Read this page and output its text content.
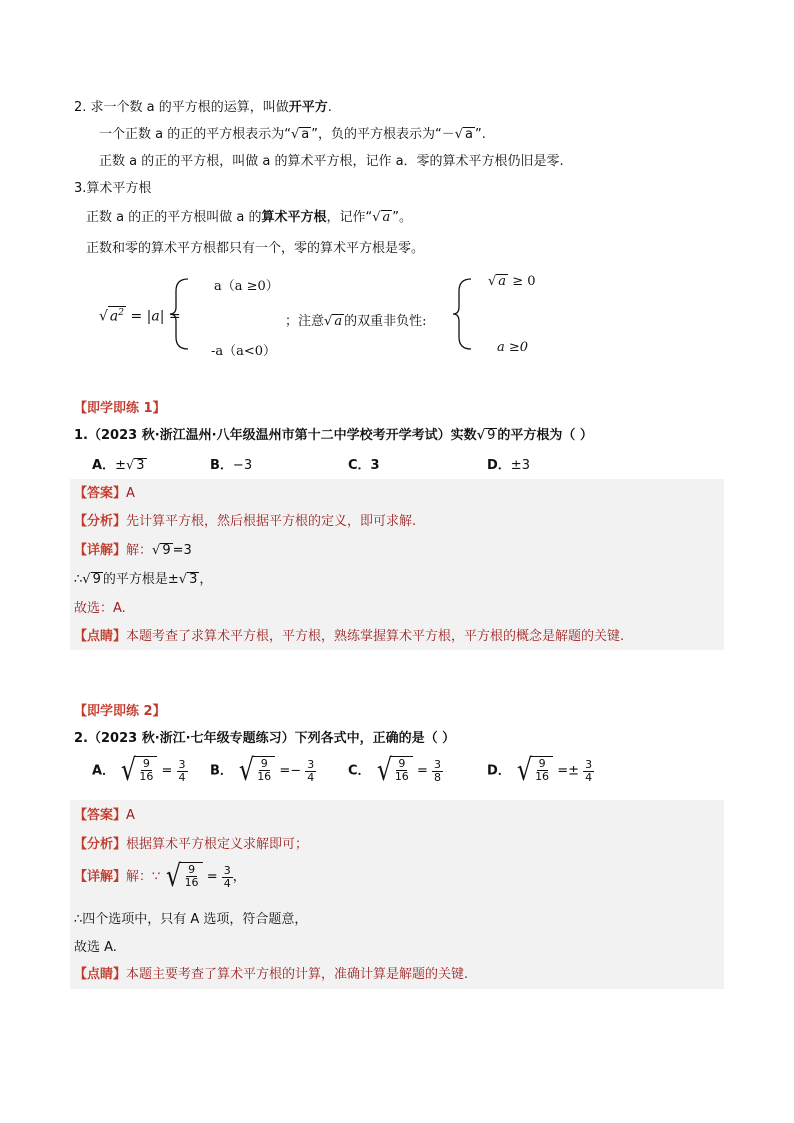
2. 求一个数 a 的平方根的运算，叫做开平方.
一个正数 a 的正的平方根表示为“√ a ”，负的平方根表示为“－√ a ”.
正数 a 的正的平方根，叫做 a 的算术平方根，记作 a．零的算术平方根仍旧是零.
3.算术平方根
正数 a 的正的平方根叫做 a 的算术平方根，记作“√ a ”。
正数和零的算术平方根都只有一个，零的算术平方根是零。
√ $a^2 = |a|$ =
a（a ≥0）
-a（a<0）
；注意√ a 的双重非负性:
√ a ≥ 0
a ≥0
【即学即练 1】
1.（2023 秋·浙江温州·八年级温州市第十二中学校考开学考试）实数√ 9 的平方根为（ ）
A．±√ 3	B．−3	C．3	D．±3
【答案】A
【分析】先计算平方根，然后根据平方根的定义，即可求解.
【详解】解：√ 9 =3
∴√ 9 的平方根是±√ 3 ，
故选：A.
【点睛】本题考查了求算术平方根，平方根，熟练掌握算术平方根，平方根的概念是解题的关键.
【即学即练 2】
2.（2023 秋·浙江·七年级专题练习）下列各式中，正确的是（ ）
A． √ $\frac{9}{16} = \frac{3}{4}$ B． √ $\frac{9}{16} =- \frac{3}{4}$ C． √ $\frac{9}{16} = \frac{3}{8}$	D． √ $\frac{9}{16} =\pm \frac{3}{4}$
【答案】A
【分析】根据算术平方根定义求解即可；
【详解】解：∵ √ $\frac{9}{16} = \frac{3}{4}$ ，
∴四个选项中，只有 A 选项，符合题意，
故选 A.
【点睛】本题主要考查了算术平方根的计算，准确计算是解题的关键.
